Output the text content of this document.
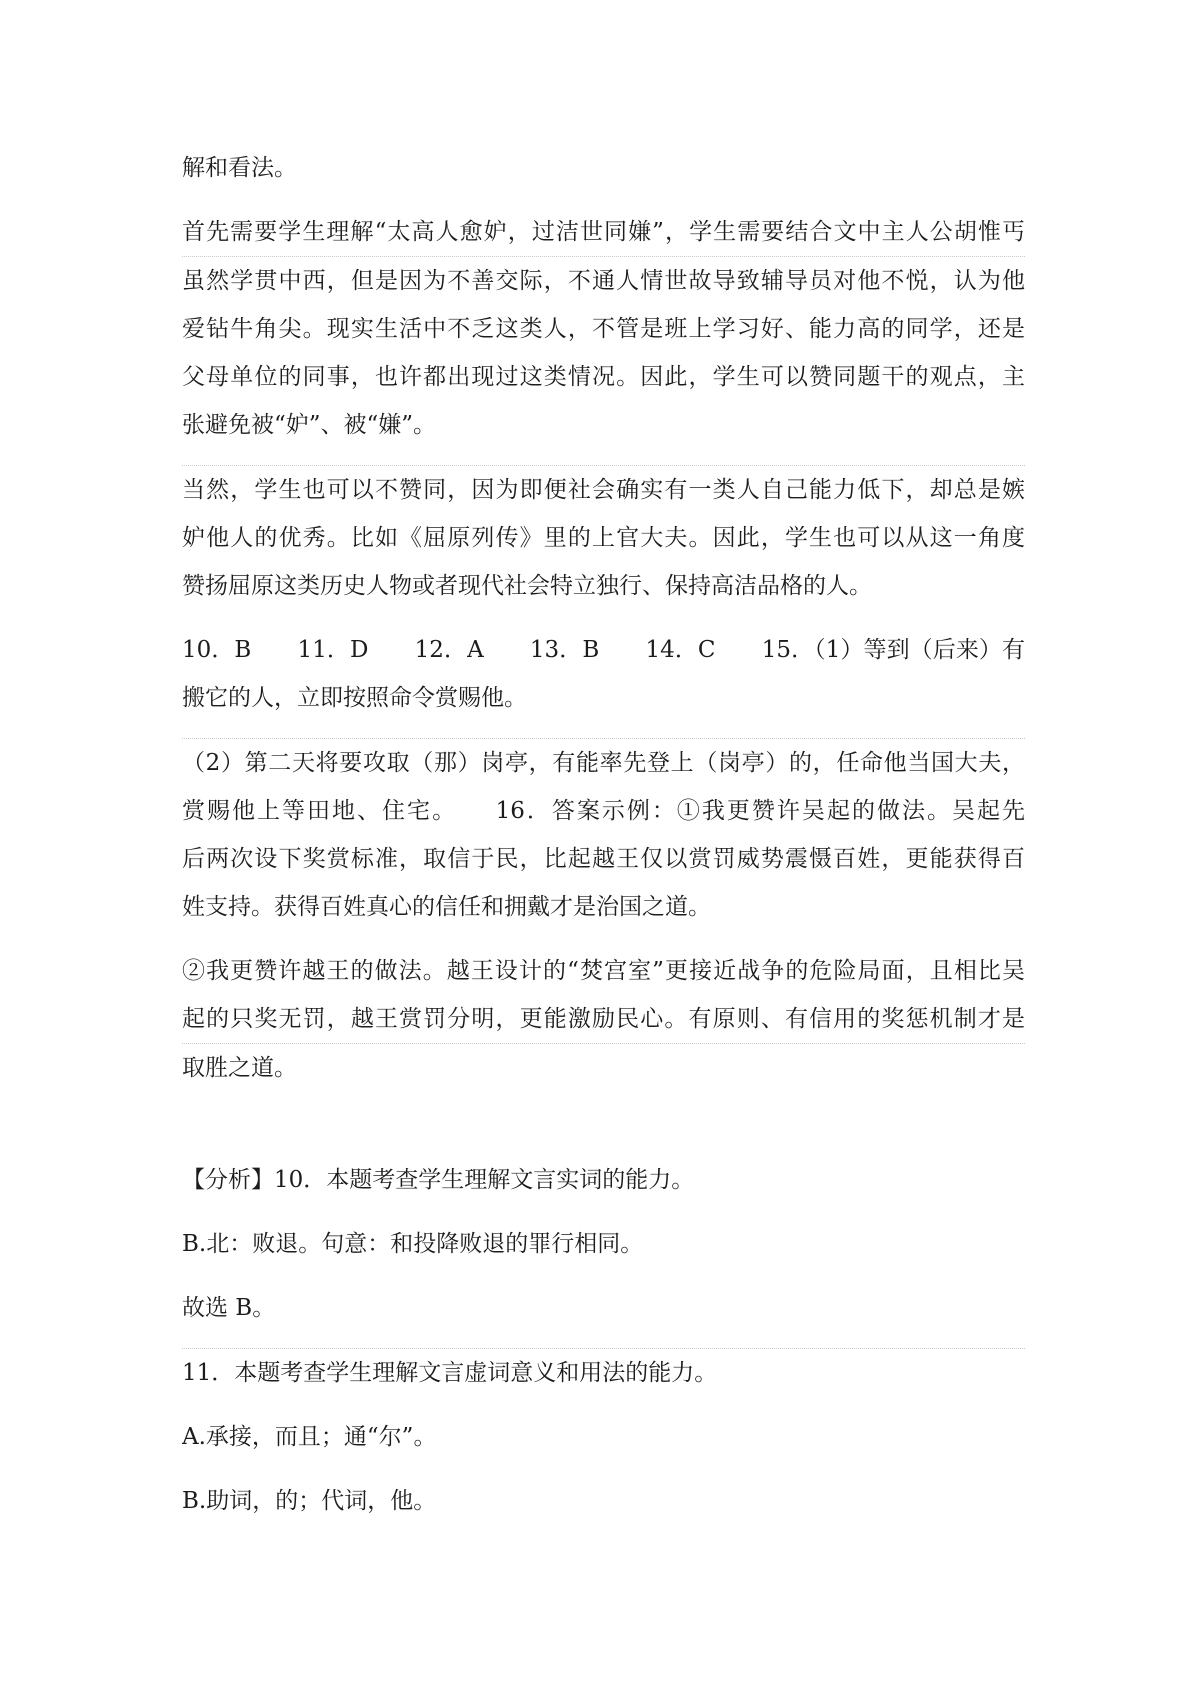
解和看法。
首先需要学生理解“太高人愈妒，过洁世同嫌”，学生需要结合文中主人公胡惟丐
虽然学贯中西，但是因为不善交际，不通人情世故导致辅导员对他不悦，认为他
爱钻牛角尖。现实生活中不乏这类人，不管是班上学习好、能力高的同学，还是
父母单位的同事，也许都出现过这类情况。因此，学生可以赞同题干的观点，主
张避免被“妒”、被“嫌”。
当然，学生也可以不赞同，因为即便社会确实有一类人自己能力低下，却总是嫉
妒他人的优秀。比如《屈原列传》里的上官大夫。因此，学生也可以从这一角度
赞扬屈原这类历史人物或者现代社会特立独行、保持高洁品格的人。
10．B　　11．D　　12．A　　13．B　　14．C　　15．（1）等到（后来）有
搬它的人，立即按照命令赏赐他。
（2）第二天将要攻取（那）岗亭，有能率先登上（岗亭）的，任命他当国大夫，
赏赐他上等田地、住宅。　　16．答案示例：①我更赞许吴起的做法。吴起先
后两次设下奖赏标准，取信于民，比起越王仅以赏罚威势震慑百姓，更能获得百
姓支持。获得百姓真心的信任和拥戴才是治国之道。
②我更赞许越王的做法。越王设计的“焚宫室”更接近战争的危险局面，且相比吴
起的只奖无罚，越王赏罚分明，更能激励民心。有原则、有信用的奖惩机制才是
取胜之道。
【分析】10．本题考查学生理解文言实词的能力。
B.北：败退。句意：和投降败退的罪行相同。
故选 B。
11．本题考查学生理解文言虚词意义和用法的能力。
A.承接，而且；通“尔”。
B.助词，的；代词，他。
